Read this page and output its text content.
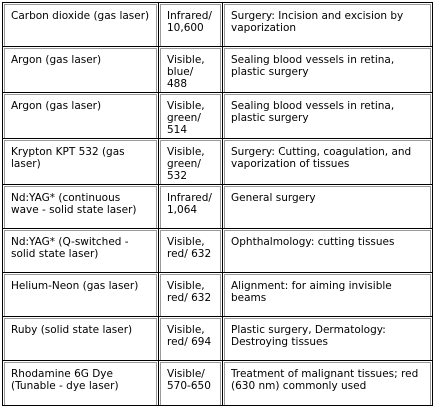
Carbon dioxide (gas laser)	Infrared/ 10,600	Surgery: Incision and excision by vaporization

Argon (gas laser)	Visible, blue/ 488	Sealing blood vessels in retina, plastic surgery

Argon (gas laser)	Visible, green/ 514	Sealing blood vessels in retina, plastic surgery

Krypton KPT 532 (gas laser)	Visible, green/ 532	Surgery: Cutting, coagulation, and vaporization of tissues

Nd:YAG* (continuous wave - solid state laser)	Infrared/ 1,064	General surgery

Nd:YAG* (Q-switched - solid state laser)	Visible, red/ 632	Ophthalmology: cutting tissues

Helium-Neon (gas laser)	Visible, red/ 632	Alignment: for aiming invisible beams

Ruby (solid state laser)	Visible, red/ 694	Plastic surgery, Dermatology: Destroying tissues

Rhodamine 6G Dye (Tunable - dye laser)	Visible/ 570-650	Treatment of malignant tissues; red (630 nm) commonly used
